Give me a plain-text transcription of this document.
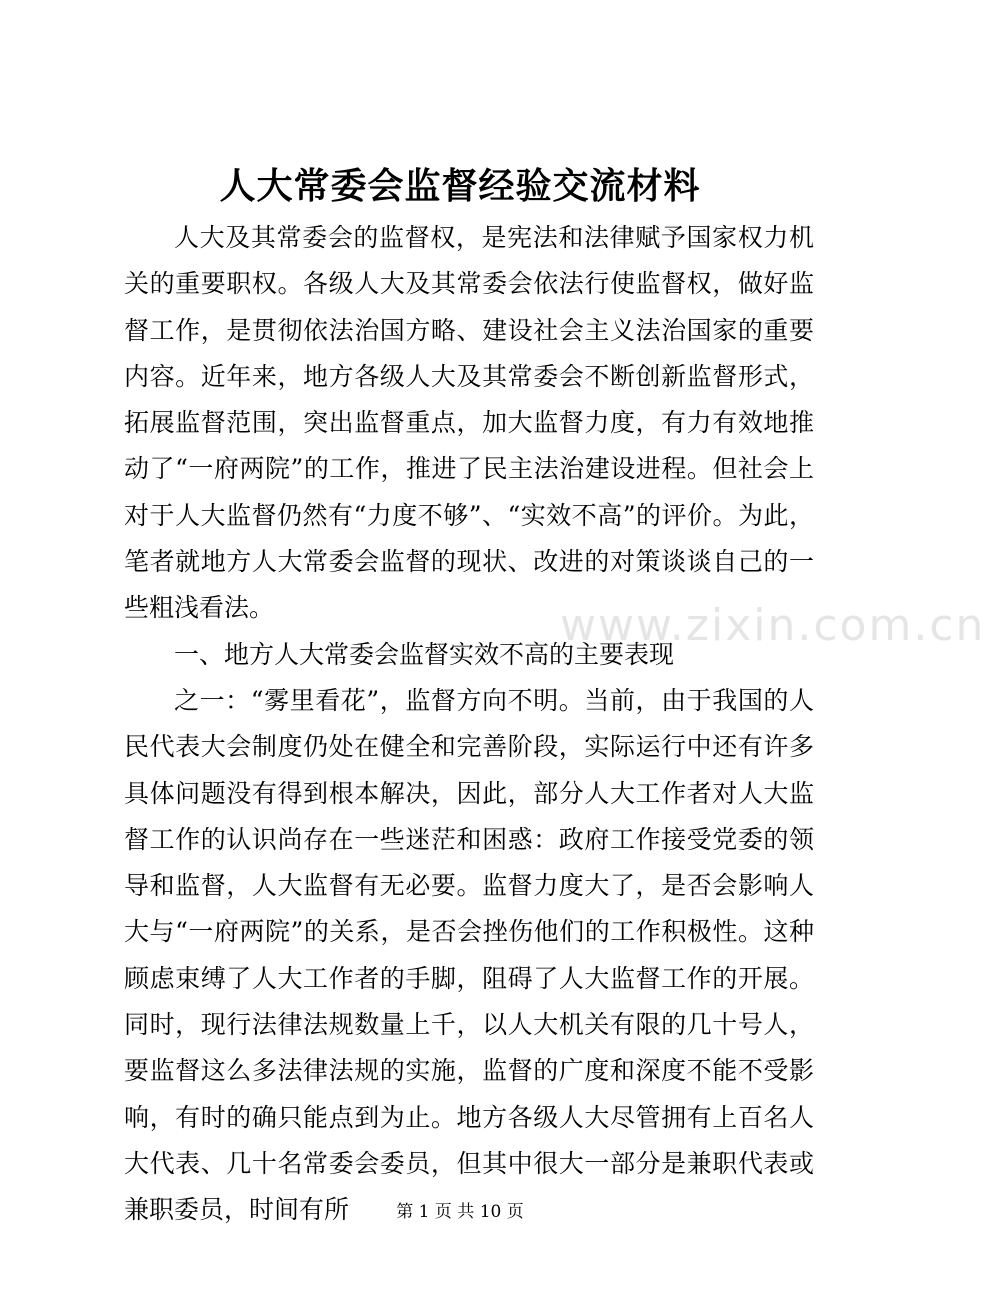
人大常委会监督经验交流材料

人大及其常委会的监督权，是宪法和法律赋予国家权力机关的重要职权。各级人大及其常委会依法行使监督权，做好监督工作，是贯彻依法治国方略、建设社会主义法治国家的重要内容。近年来，地方各级人大及其常委会不断创新监督形式，拓展监督范围，突出监督重点，加大监督力度，有力有效地推动了“一府两院”的工作，推进了民主法治建设进程。但社会上对于人大监督仍然有“力度不够”、“实效不高”的评价。为此，笔者就地方人大常委会监督的现状、改进的对策谈谈自己的一些粗浅看法。

一、地方人大常委会监督实效不高的主要表现

之一：“雾里看花”，监督方向不明。当前，由于我国的人民代表大会制度仍处在健全和完善阶段，实际运行中还有许多具体问题没有得到根本解决，因此，部分人大工作者对人大监督工作的认识尚存在一些迷茫和困惑：政府工作接受党委的领导和监督，人大监督有无必要。监督力度大了，是否会影响人大与“一府两院”的关系，是否会挫伤他们的工作积极性。这种顾虑束缚了人大工作者的手脚，阻碍了人大监督工作的开展。同时，现行法律法规数量上千，以人大机关有限的几十号人，要监督这么多法律法规的实施，监督的广度和深度不能不受影响，有时的确只能点到为止。地方各级人大尽管拥有上百名人大代表、几十名常委会委员，但其中很大一部分是兼职代表或兼职委员，时间有所

www.zixin.com.cn
第 1 页 共 10 页
